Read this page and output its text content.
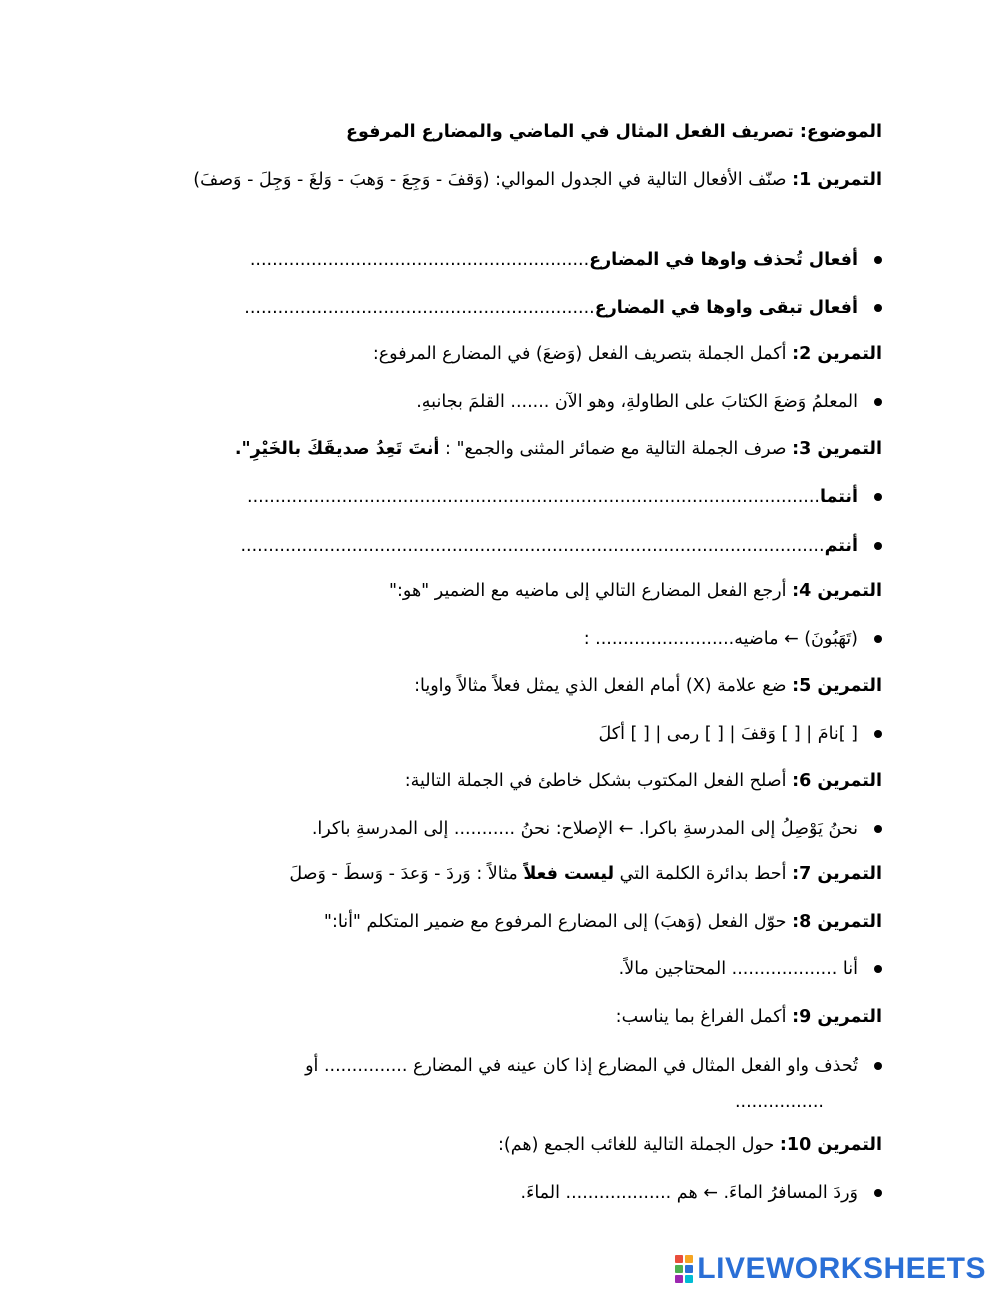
الموضوع: تصريف الفعل المثال في الماضي والمضارع المرفوع
التمرين 1: صنّف الأفعال التالية في الجدول الموالي: (وَقفَ - وَجِعَ - وَهبَ - وَلغَ - وَجِلَ - وَصفَ)
أفعال تُحذف واوها في المضارع.............................................................
أفعال تبقى واوها في المضارع...............................................................
التمرين 2: أكمل الجملة بتصريف الفعل (وَضعَ) في المضارع المرفوع:
المعلمُ وَضعَ الكتابَ على الطاولةِ، وهو الآن ....... القلمَ بجانبهِ.
التمرين 3: صرف الجملة التالية مع ضمائر المثنى والجمع" : أنتَ تَعِدُ صديقَكَ بالخَيْرِ".
أنتما.......................................................................................................
أنتم.........................................................................................................
التمرين 4: أرجع الفعل المضارع التالي إلى ماضيه مع الضمير "هو:"
(تَهَبُونَ) ← ماضيه......................... :
التمرين 5: ضع علامة (X) أمام الفعل الذي يمثل فعلاً مثالاً واويا:
[ ]نامَ | [ ] وَقفَ | [ ] رمى | [ ] أكلَ
التمرين 6: أصلح الفعل المكتوب بشكل خاطئ في الجملة التالية:
نحنُ يَوْصِلُ إلى المدرسةِ باكرا. ← الإصلاح: نحنُ ........... إلى المدرسةِ باكرا.
التمرين 7: أحط بدائرة الكلمة التي ليست فعلاً مثالاً : وَردَ - وَعدَ - وَسطَ - وَصلَ
التمرين 8: حوّل الفعل (وَهبَ) إلى المضارع المرفوع مع ضمير المتكلم "أنا:"
أنا ................... المحتاجين مالاً.
التمرين 9: أكمل الفراغ بما يناسب:
تُحذف واو الفعل المثال في المضارع إذا كان عينه في المضارع ............... أو
................
التمرين 10: حول الجملة التالية للغائب الجمع (هم):
وَردَ المسافرُ الماءَ. ← هم ................... الماءَ.
LIVEWORKSHEETS
